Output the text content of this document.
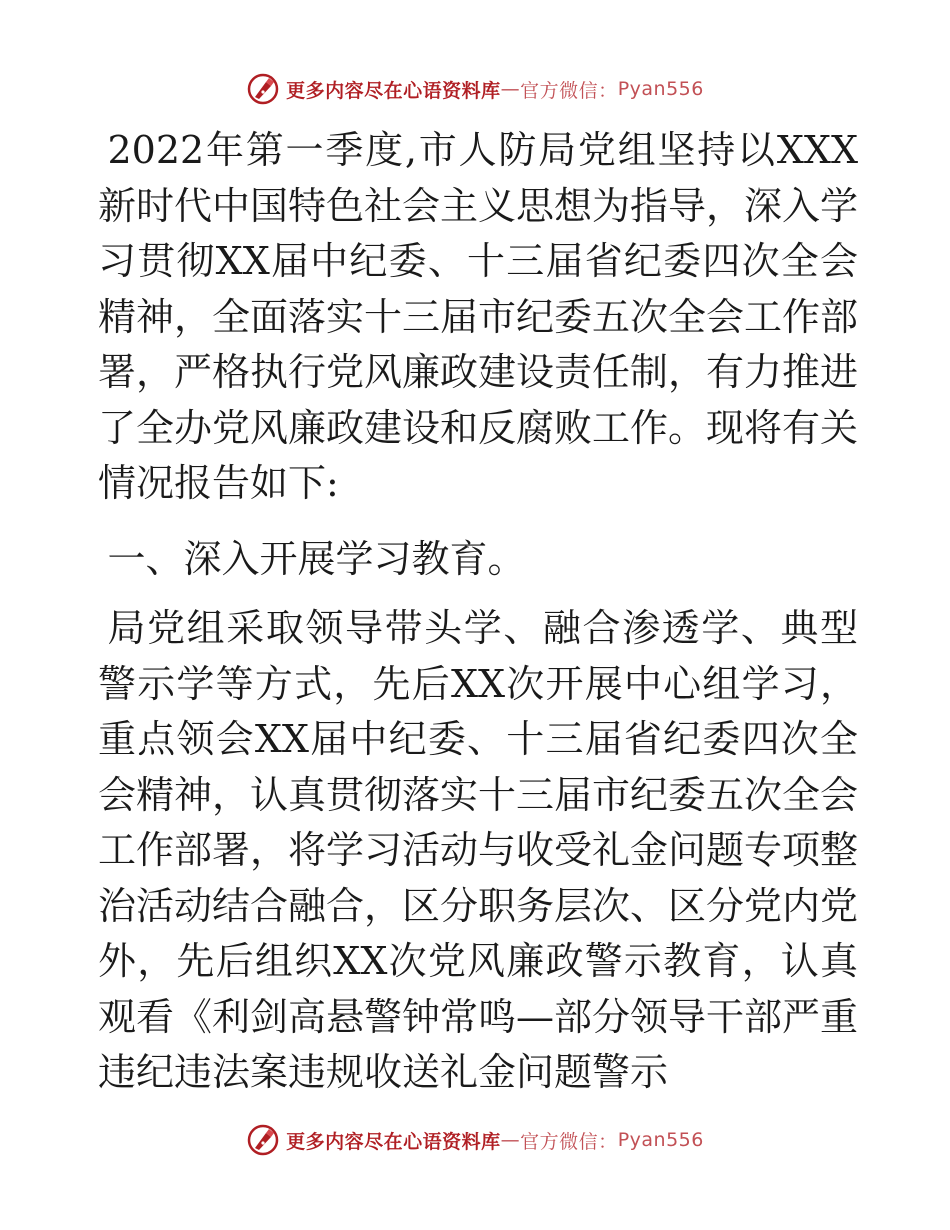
更多内容尽在心语资料库 — 官方微信： Pyan556

2022年第一季度,市人防局党组坚持以XXX新时代中国特色社会主义思想为指导，深入学习贯彻XX届中纪委、十三届省纪委四次全会精神，全面落实十三届市纪委五次全会工作部署，严格执行党风廉政建设责任制，有力推进了全办党风廉政建设和反腐败工作。现将有关情况报告如下:

一、深入开展学习教育。

局党组采取领导带头学、融合渗透学、典型警示学等方式，先后XX次开展中心组学习，重点领会XX届中纪委、十三届省纪委四次全会精神，认真贯彻落实十三届市纪委五次全会工作部署，将学习活动与收受礼金问题专项整治活动结合融合，区分职务层次、区分党内党外，先后组织XX次党风廉政警示教育，认真观看《利剑高悬警钟常鸣—部分领导干部严重违纪违法案违规收送礼金问题警示

更多内容尽在心语资料库 — 官方微信： Pyan556
